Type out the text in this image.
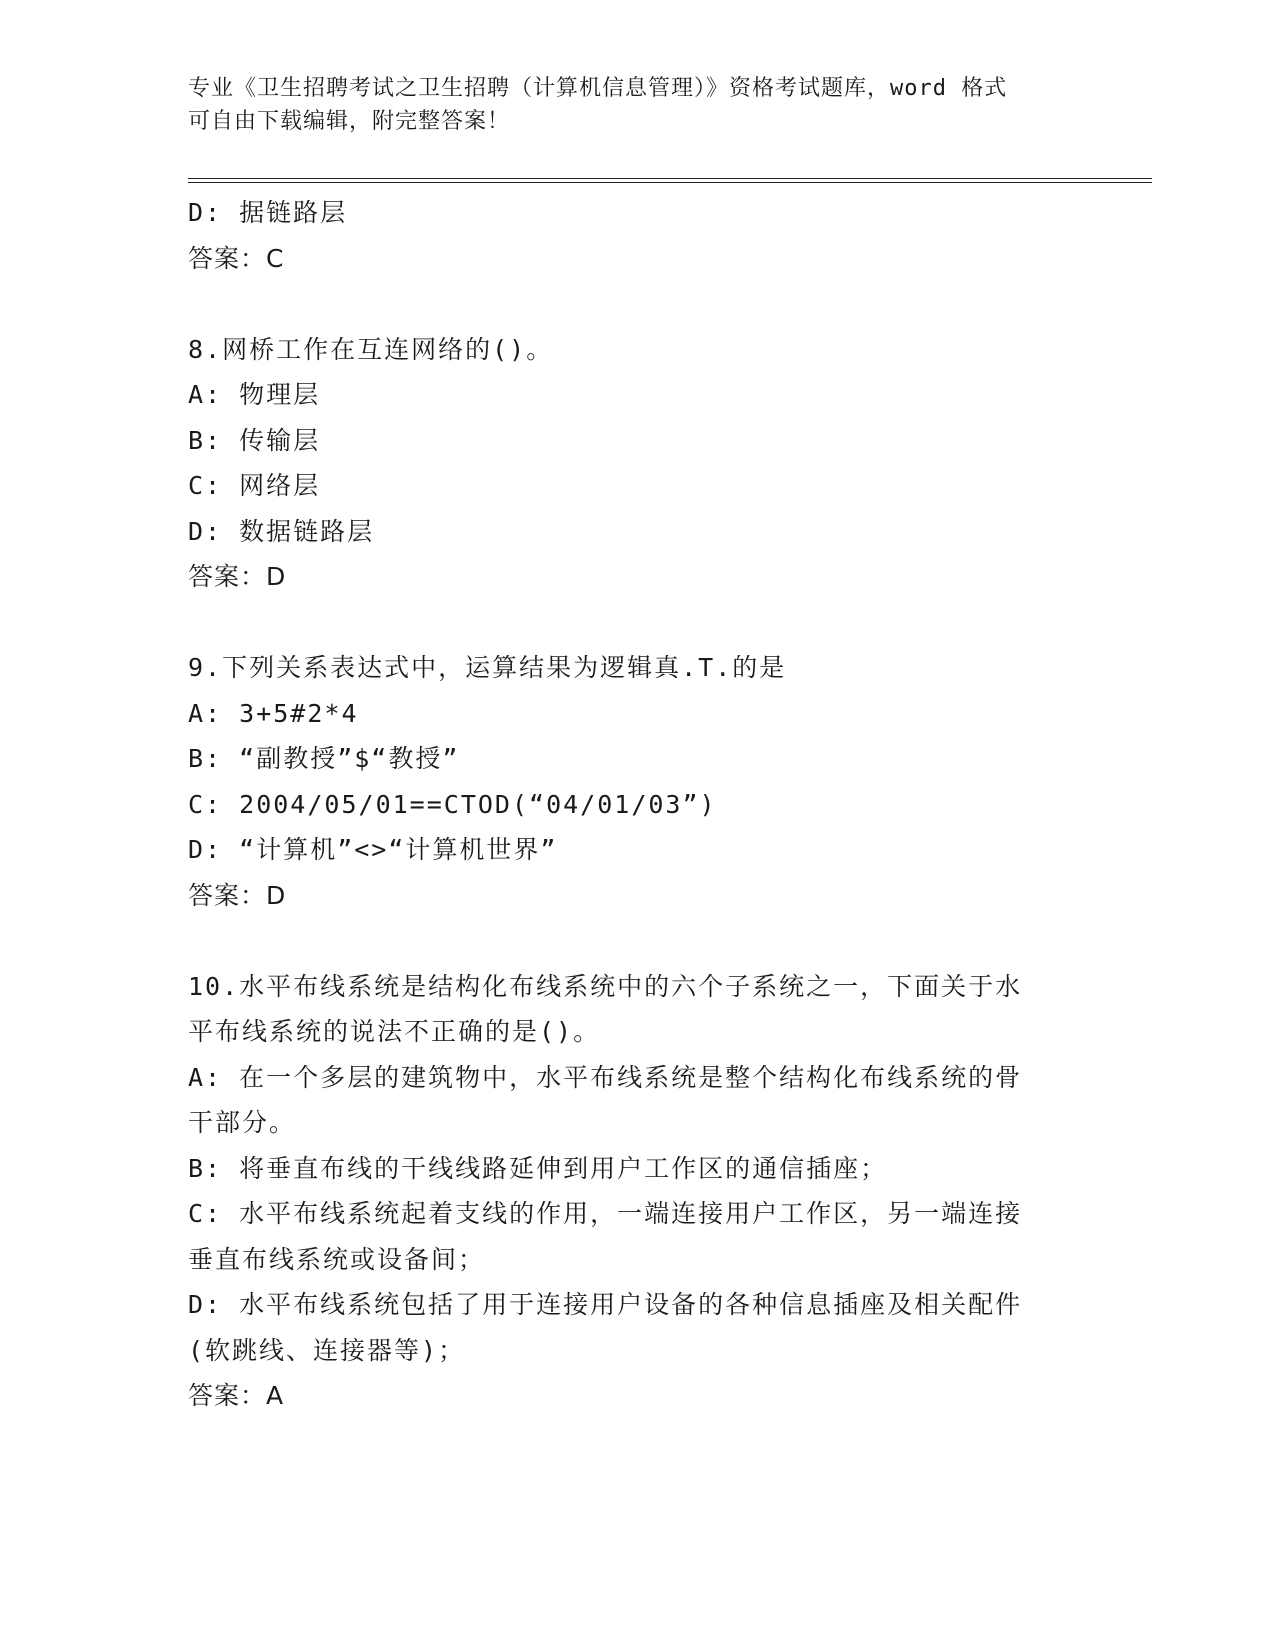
专业《卫生招聘考试之卫生招聘（计算机信息管理）》资格考试题库，word 格式
可自由下载编辑，附完整答案！
D: 据链路层
答案：C
8.网桥工作在互连网络的()。
A: 物理层
B: 传输层
C: 网络层
D: 数据链路层
答案：D
9.下列关系表达式中，运算结果为逻辑真.T.的是
A: 3+5#2*4
B: “副教授”$“教授”
C: 2004/05/01==CTOD(“04/01/03”)
D: “计算机”<>“计算机世界”
答案：D
10.水平布线系统是结构化布线系统中的六个子系统之一，下面关于水
平布线系统的说法不正确的是()。
A: 在一个多层的建筑物中，水平布线系统是整个结构化布线系统的骨
干部分。
B: 将垂直布线的干线线路延伸到用户工作区的通信插座；
C: 水平布线系统起着支线的作用，一端连接用户工作区，另一端连接
垂直布线系统或设备间；
D: 水平布线系统包括了用于连接用户设备的各种信息插座及相关配件
(软跳线、连接器等)；
答案：A
